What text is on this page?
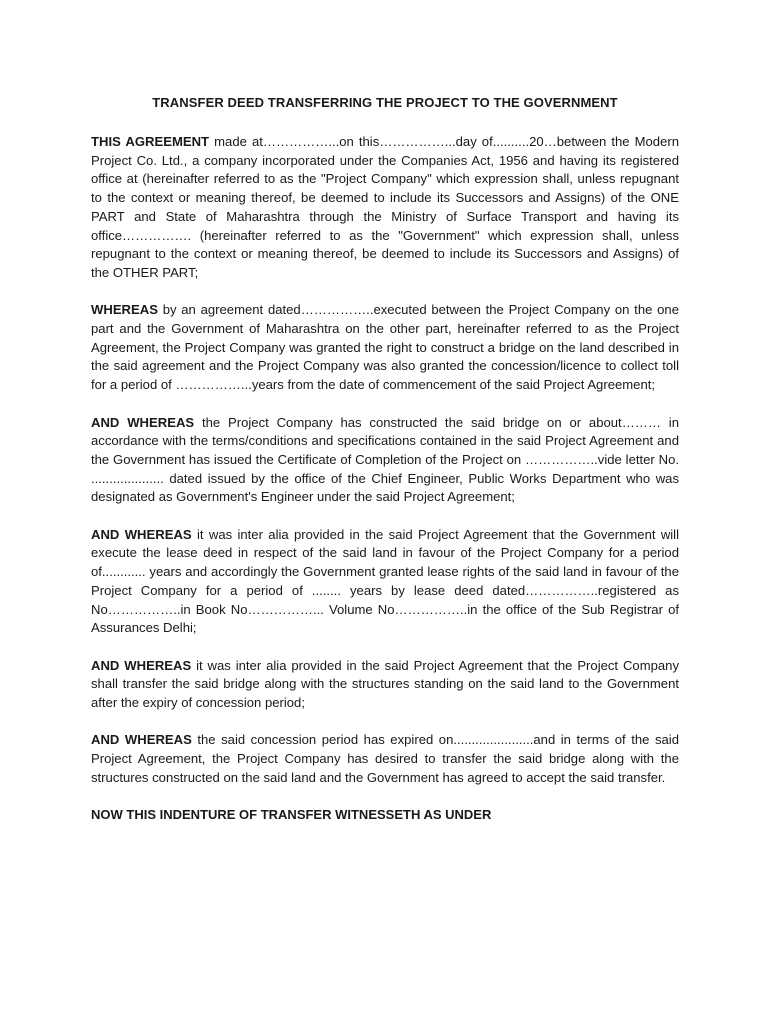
TRANSFER DEED TRANSFERRING THE PROJECT TO THE GOVERNMENT

THIS AGREEMENT made at……………...on this……………...day of..........20…between the Modern Project Co. Ltd., a company incorporated under the Companies Act, 1956 and having its registered office at (hereinafter referred to as the "Project Company" which expression shall, unless repugnant to the context or meaning thereof, be deemed to include its Successors and Assigns) of the ONE PART and State of Maharashtra through the Ministry of Surface Transport and having its office……………. (hereinafter referred to as the "Government" which expression shall, unless repugnant to the context or meaning thereof, be deemed to include its Successors and Assigns) of the OTHER PART;

WHEREAS by an agreement dated……………..executed between the Project Company on the one part and the Government of Maharashtra on the other part, hereinafter referred to as the Project Agreement, the Project Company was granted the right to construct a bridge on the land described in the said agreement and the Project Company was also granted the concession/licence to collect toll for a period of ……………...years from the date of commencement of the said Project Agreement;

AND WHEREAS the Project Company has constructed the said bridge on or about……… in accordance with the terms/conditions and specifications contained in the said Project Agreement and the Government has issued the Certificate of Completion of the Project on ……………..vide letter No. .................... dated issued by the office of the Chief Engineer, Public Works Department who was designated as Government's Engineer under the said Project Agreement;

AND WHEREAS it was inter alia provided in the said Project Agreement that the Government will execute the lease deed in respect of the said land in favour of the Project Company for a period of............ years and accordingly the Government granted lease rights of the said land in favour of the Project Company for a period of ........ years by lease deed dated……………..registered as No……………..in Book No……………... Volume No……………..in the office of the Sub Registrar of Assurances Delhi;

AND WHEREAS it was inter alia provided in the said Project Agreement that the Project Company shall transfer the said bridge along with the structures standing on the said land to the Government after the expiry of concession period;

AND WHEREAS the said concession period has expired on......................and in terms of the said Project Agreement, the Project Company has desired to transfer the said bridge along with the structures constructed on the said land and the Government has agreed to accept the said transfer.

NOW THIS INDENTURE OF TRANSFER WITNESSETH AS UNDER
